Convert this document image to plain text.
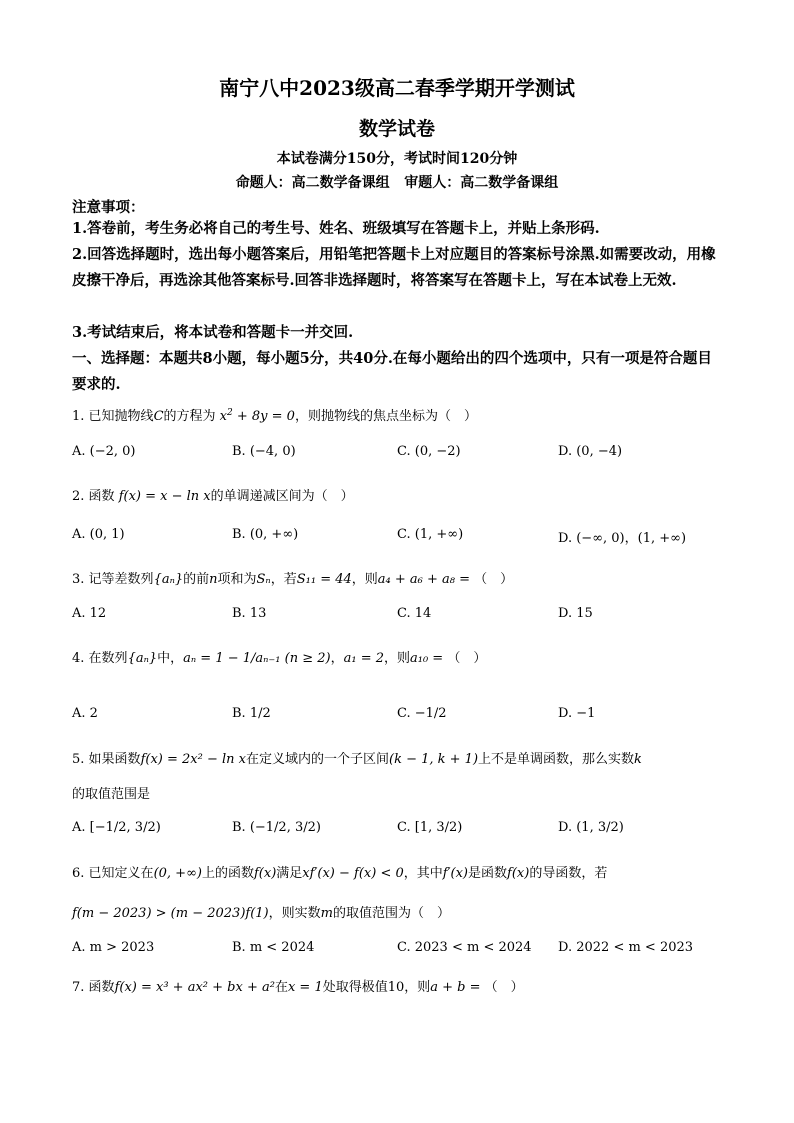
南宁八中2023级高二春季学期开学测试
数学试卷
本试卷满分150分，考试时间120分钟
命题人：高二数学备课组   审题人：高二数学备课组
注意事项：
1.答卷前，考生务必将自己的考生号、姓名、班级填写在答题卡上，并贴上条形码.
2.回答选择题时，选出每小题答案后，用铅笔把答题卡上对应题目的答案标号涂黑.如需要改动，用橡皮擦干净后，再选涂其他答案标号.回答非选择题时，将答案写在答题卡上，写在本试卷上无效.
3.考试结束后，将本试卷和答题卡一并交回.
一、选择题：本题共8小题，每小题5分，共40分.在每小题给出的四个选项中，只有一项是符合题目要求的.
1. 已知抛物线C的方程为 $x^2 + 8y = 0$，则抛物线的焦点坐标为（　）
A. (−2, 0)	B. (−4, 0)	C. (0, −2)	D. (0, −4)
2. 函数 f(x) = x − ln x的单调递减区间为（　）
A. (0, 1)	B. (0, +∞)	C. (1, +∞)	D. (−∞, 0)，(1, +∞)
3. 记等差数列{aₙ}的前n项和为Sₙ，若S₁₁ = 44，则a₄ + a₆ + a₈ = （　）
A. 12	B. 13	C. 14	D. 15
4. 在数列{aₙ}中，aₙ = 1 − 1/aₙ₋₁ (n ≥ 2)，a₁ = 2，则a₁₀ = （　）
A. 2	B. 1/2	C. −1/2	D. −1
5. 如果函数f(x) = 2x² − ln x在定义域内的一个子区间(k − 1, k + 1)上不是单调函数，那么实数k
的取值范围是
A. [−1/2, 3/2)	B. (−1/2, 3/2)	C. [1, 3/2)	D. (1, 3/2)
6. 已知定义在(0, +∞)上的函数f(x)满足xf′(x) − f(x) < 0，其中f′(x)是函数f(x)的导函数，若
f(m − 2023) > (m − 2023)f(1)，则实数m的取值范围为（　）
A. m > 2023	B. m < 2024	C. 2023 < m < 2024 D. 2022 < m < 2023
7. 函数f(x) = x³ + ax² + bx + a²在x = 1处取得极值10，则a + b = （　）
